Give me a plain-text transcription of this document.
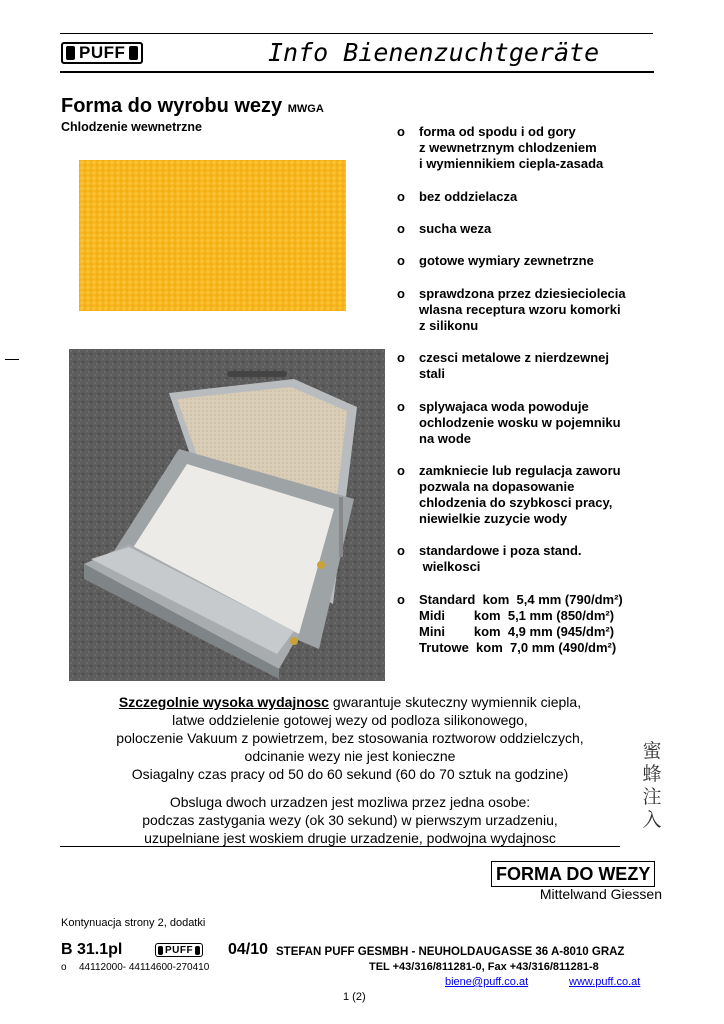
PUFF	Info Bienenzuchtgeräte
Forma do wyrobu wezy MWGA
Chlodzenie wewnetrzne	o forma od spodu i od gory
z wewnetrznym chlodzeniem
i wymiennikiem ciepla-zasada
o bez oddzielacza
o sucha weza
o gotowe wymiary zewnetrzne
o sprawdzona przez dziesieciolecia
wlasna receptura wzoru komorki
z silikonu
o czesci metalowe z nierdzewnej
stali
o splywajaca woda powoduje
ochlodzenie wosku w pojemniku
na wode
o zamkniecie lub regulacja zaworu
pozwala na dopasowanie
chlodzenia do szybkosci pracy,
niewielkie zuzycie wody
o standardowe i poza stand.
wielkosci
o Standard  kom  5,4 mm (790/dm²)
Midi        kom  5,1 mm (850/dm²)
Mini        kom  4,9 mm (945/dm²)
Trutowe  kom  7,0 mm (490/dm²)
Szczegolnie wysoka wydajnosc gwarantuje skuteczny wymiennik ciepla,
latwe oddzielenie gotowej wezy od podloza silikonowego,
poloczenie Vakuum z powietrzem, bez stosowania roztworow oddzielczych,
odcinanie wezy nie jest konieczne
Osiagalny czas pracy od 50 do 60 sekund (60 do 70 sztuk na godzine)
Obsluga dwoch urzadzen jest mozliwa przez jedna osobe:
podczas zastygania wezy (ok 30 sekund) w pierwszym urzadzeniu,
uzupelniane jest woskiem drugie urzadzenie, podwojna wydajnosc
蜜
蜂
注
入
FORMA DO WEZY
Mittelwand Giessen
Kontynuacja strony 2, dodatki
B 31.1pl	PUFF 04/10 STEFAN PUFF GESMBH - NEUHOLDAUGASSE 36 A-8010 GRAZ
o 44112000- 44114600-270410	TEL +43/316/811281-0, Fax +43/316/811281-8
biene@puff.co.at	www.puff.co.at
1 (2)
